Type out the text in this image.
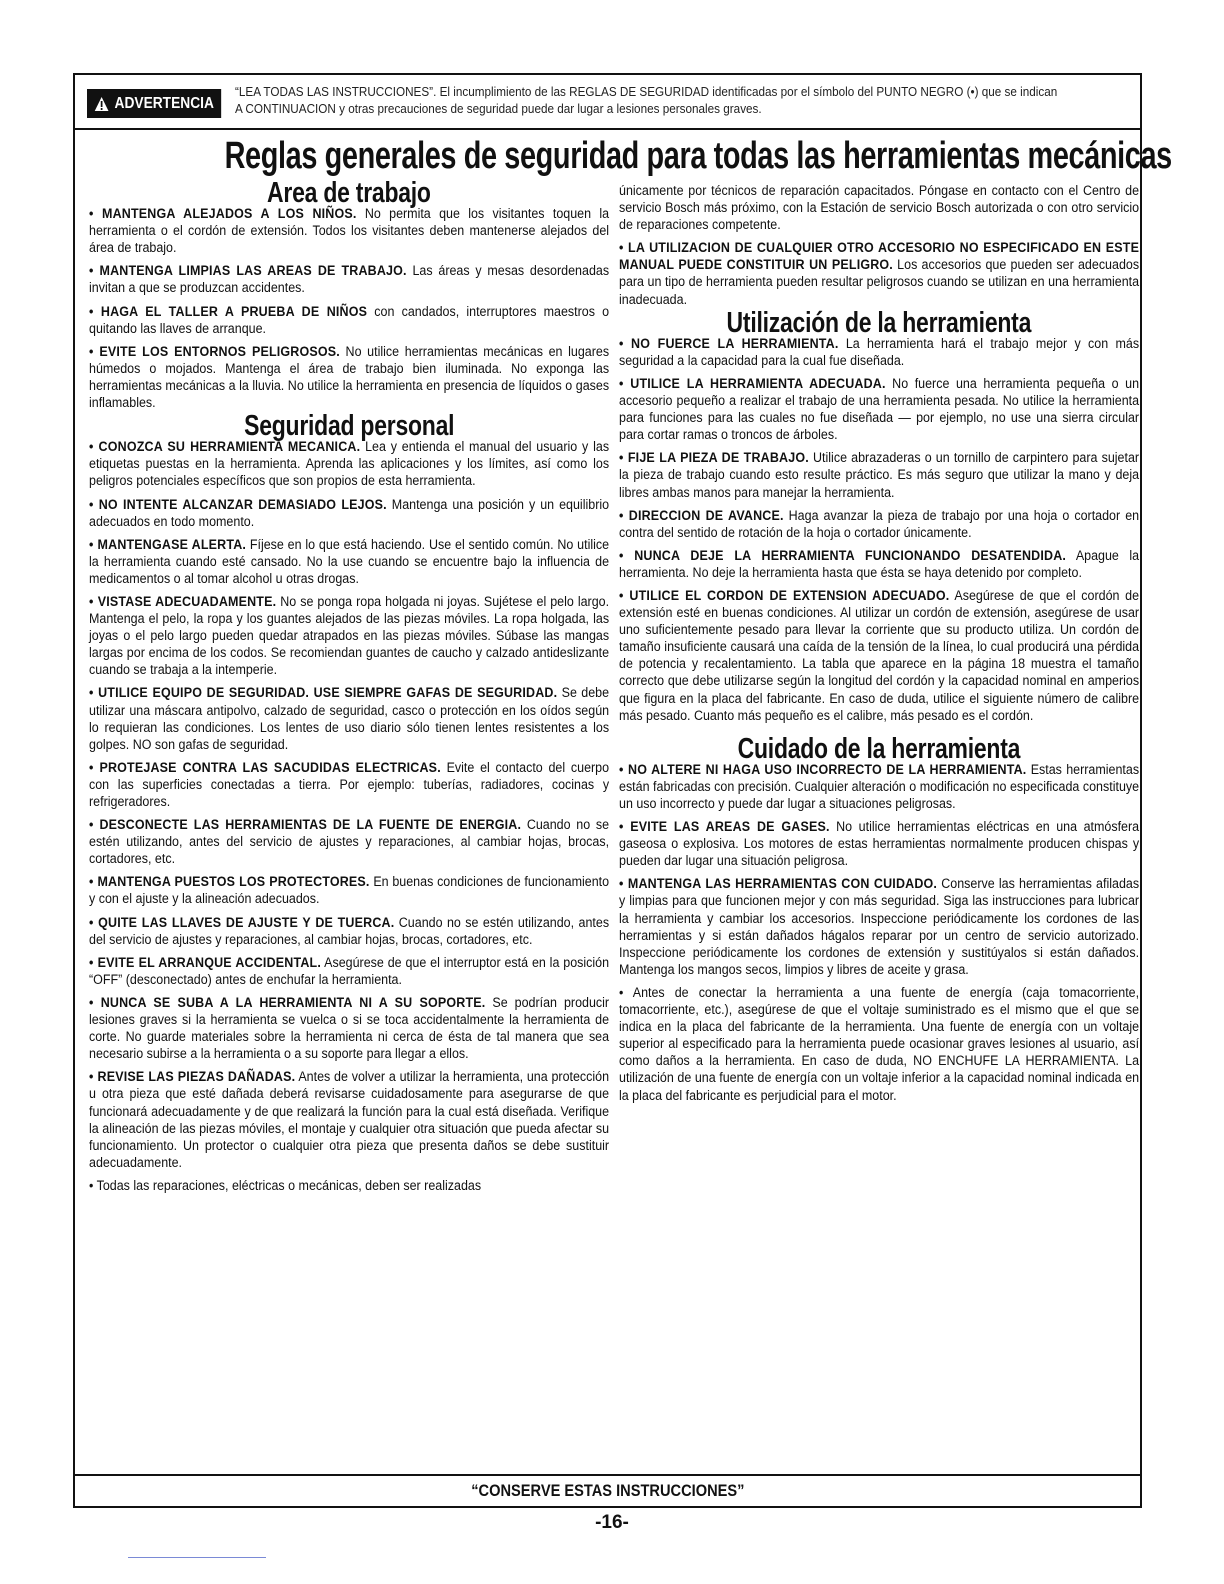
ADVERTENCIA
“LEA TODAS LAS INSTRUCCIONES”. El incumplimiento de las REGLAS DE SEGURIDAD identificadas por el símbolo del PUNTO NEGRO (•) que se indican A CONTINUACION y otras precauciones de seguridad puede dar lugar a lesiones personales graves.
Reglas generales de seguridad para todas las herramientas mecánicas
Area de trabajo

• MANTENGA ALEJADOS A LOS NIÑOS. No permita que los visitantes toquen la herramienta o el cordón de extensión. Todos los visitantes deben mantenerse alejados del área de trabajo.

• MANTENGA LIMPIAS LAS AREAS DE TRABAJO. Las áreas y mesas desordenadas invitan a que se produzcan accidentes.

• HAGA EL TALLER A PRUEBA DE NIÑOS con candados, interruptores maestros o quitando las llaves de arranque.

• EVITE LOS ENTORNOS PELIGROSOS. No utilice herramientas mecánicas en lugares húmedos o mojados. Mantenga el área de trabajo bien iluminada. No exponga las herramientas mecánicas a la lluvia. No utilice la herramienta en presencia de líquidos o gases inflamables.

Seguridad personal

• CONOZCA SU HERRAMIENTA MECANICA. Lea y entienda el manual del usuario y las etiquetas puestas en la herramienta. Aprenda las aplicaciones y los límites, así como los peligros potenciales específicos que son propios de esta herramienta.

• NO INTENTE ALCANZAR DEMASIADO LEJOS. Mantenga una posición y un equilibrio adecuados en todo momento.

• MANTENGASE ALERTA. Fíjese en lo que está haciendo. Use el sentido común. No utilice la herramienta cuando esté cansado. No la use cuando se encuentre bajo la influencia de medicamentos o al tomar alcohol u otras drogas.

• VISTASE ADECUADAMENTE. No se ponga ropa holgada ni joyas. Sujétese el pelo largo. Mantenga el pelo, la ropa y los guantes alejados de las piezas móviles. La ropa holgada, las joyas o el pelo largo pueden quedar atrapados en las piezas móviles. Súbase las mangas largas por encima de los codos. Se recomiendan guantes de caucho y calzado antideslizante cuando se trabaja a la intemperie.

• UTILICE EQUIPO DE SEGURIDAD. USE SIEMPRE GAFAS DE SEGURIDAD. Se debe utilizar una máscara antipolvo, calzado de seguridad, casco o protección en los oídos según lo requieran las condiciones. Los lentes de uso diario sólo tienen lentes resistentes a los golpes. NO son gafas de seguridad.

• PROTEJASE CONTRA LAS SACUDIDAS ELECTRICAS. Evite el contacto del cuerpo con las superficies conectadas a tierra. Por ejemplo: tuberías, radiadores, cocinas y refrigeradores.

• DESCONECTE LAS HERRAMIENTAS DE LA FUENTE DE ENERGIA. Cuando no se estén utilizando, antes del servicio de ajustes y reparaciones, al cambiar hojas, brocas, cortadores, etc.

• MANTENGA PUESTOS LOS PROTECTORES. En buenas condiciones de funcionamiento y con el ajuste y la alineación adecuados.

• QUITE LAS LLAVES DE AJUSTE Y DE TUERCA. Cuando no se estén utilizando, antes del servicio de ajustes y reparaciones, al cambiar hojas, brocas, cortadores, etc.

• EVITE EL ARRANQUE ACCIDENTAL. Asegúrese de que el interruptor está en la posición “OFF” (desconectado) antes de enchufar la herramienta.

• NUNCA SE SUBA A LA HERRAMIENTA NI A SU SOPORTE. Se podrían producir lesiones graves si la herramienta se vuelca o si se toca accidentalmente la herramienta de corte. No guarde materiales sobre la herramienta ni cerca de ésta de tal manera que sea necesario subirse a la herramienta o a su soporte para llegar a ellos.

• REVISE LAS PIEZAS DAÑADAS. Antes de volver a utilizar la herramienta, una protección u otra pieza que esté dañada deberá revisarse cuidadosamente para asegurarse de que funcionará adecuadamente y de que realizará la función para la cual está diseñada. Verifique la alineación de las piezas móviles, el montaje y cualquier otra situación que pueda afectar su funcionamiento. Un protector o cualquier otra pieza que presenta daños se debe sustituir adecuadamente.

• Todas las reparaciones, eléctricas o mecánicas, deben ser realizadas

únicamente por técnicos de reparación capacitados. Póngase en contacto con el Centro de servicio Bosch más próximo, con la Estación de servicio Bosch autorizada o con otro servicio de reparaciones competente.

• LA UTILIZACION DE CUALQUIER OTRO ACCESORIO NO ESPECIFICADO EN ESTE MANUAL PUEDE CONSTITUIR UN PELIGRO. Los accesorios que pueden ser adecuados para un tipo de herramienta pueden resultar peligrosos cuando se utilizan en una herramienta inadecuada.

Utilización de la herramienta

• NO FUERCE LA HERRAMIENTA. La herramienta hará el trabajo mejor y con más seguridad a la capacidad para la cual fue diseñada.

• UTILICE LA HERRAMIENTA ADECUADA. No fuerce una herramienta pequeña o un accesorio pequeño a realizar el trabajo de una herramienta pesada. No utilice la herramienta para funciones para las cuales no fue diseñada — por ejemplo, no use una sierra circular para cortar ramas o troncos de árboles.

• FIJE LA PIEZA DE TRABAJO. Utilice abrazaderas o un tornillo de carpintero para sujetar la pieza de trabajo cuando esto resulte práctico. Es más seguro que utilizar la mano y deja libres ambas manos para manejar la herramienta.

• DIRECCION DE AVANCE. Haga avanzar la pieza de trabajo por una hoja o cortador en contra del sentido de rotación de la hoja o cortador únicamente.

• NUNCA DEJE LA HERRAMIENTA FUNCIONANDO DESATENDIDA. Apague la herramienta. No deje la herramienta hasta que ésta se haya detenido por completo.

• UTILICE EL CORDON DE EXTENSION ADECUADO. Asegúrese de que el cordón de extensión esté en buenas condiciones. Al utilizar un cordón de extensión, asegúrese de usar uno suficientemente pesado para llevar la corriente que su producto utiliza. Un cordón de tamaño insuficiente causará una caída de la tensión de la línea, lo cual producirá una pérdida de potencia y recalentamiento. La tabla que aparece en la página 18 muestra el tamaño correcto que debe utilizarse según la longitud del cordón y la capacidad nominal en amperios que figura en la placa del fabricante. En caso de duda, utilice el siguiente número de calibre más pesado. Cuanto más pequeño es el calibre, más pesado es el cordón.

Cuidado de la herramienta

• NO ALTERE NI HAGA USO INCORRECTO DE LA HERRAMIENTA. Estas herramientas están fabricadas con precisión. Cualquier alteración o modificación no especificada constituye un uso incorrecto y puede dar lugar a situaciones peligrosas.

• EVITE LAS AREAS DE GASES. No utilice herramientas eléctricas en una atmósfera gaseosa o explosiva. Los motores de estas herramientas normalmente producen chispas y pueden dar lugar una situación peligrosa.

• MANTENGA LAS HERRAMIENTAS CON CUIDADO. Conserve las herramientas afiladas y limpias para que funcionen mejor y con más seguridad. Siga las instrucciones para lubricar la herramienta y cambiar los accesorios. Inspeccione periódicamente los cordones de las herramientas y si están dañados hágalos reparar por un centro de servicio autorizado. Inspeccione periódicamente los cordones de extensión y sustitúyalos si están dañados. Mantenga los mangos secos, limpios y libres de aceite y grasa.

• Antes de conectar la herramienta a una fuente de energía (caja tomacorriente, tomacorriente, etc.), asegúrese de que el voltaje suministrado es el mismo que el que se indica en la placa del fabricante de la herramienta. Una fuente de energía con un voltaje superior al especificado para la herramienta puede ocasionar graves lesiones al usuario, así como daños a la herramienta. En caso de duda, NO ENCHUFE LA HERRAMIENTA. La utilización de una fuente de energía con un voltaje inferior a la capacidad nominal indicada en la placa del fabricante es perjudicial para el motor.

“CONSERVE ESTAS INSTRUCCIONES”
-16-
